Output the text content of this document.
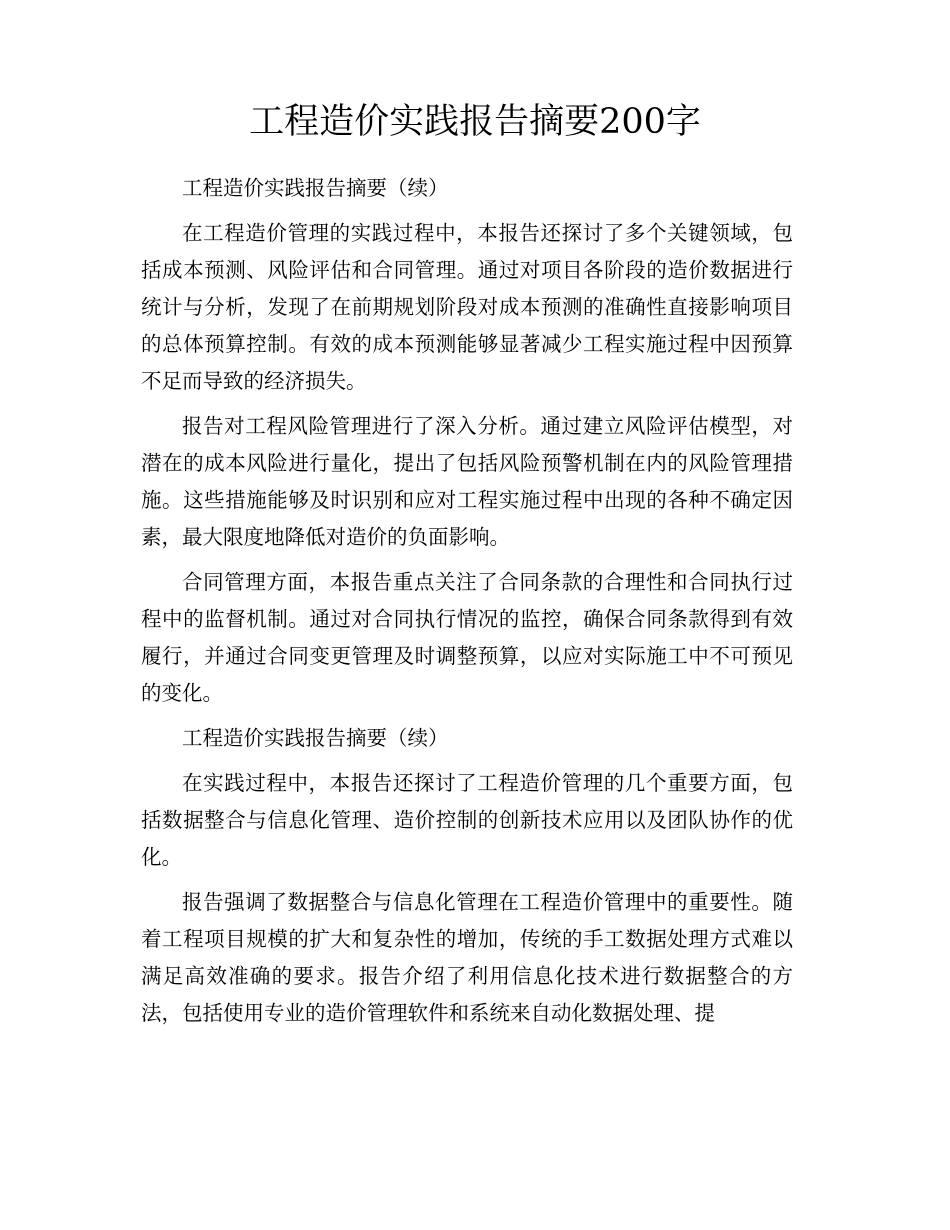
工程造价实践报告摘要200字

工程造价实践报告摘要（续）

在工程造价管理的实践过程中，本报告还探讨了多个关键领域，包括成本预测、风险评估和合同管理。通过对项目各阶段的造价数据进行统计与分析，发现了在前期规划阶段对成本预测的准确性直接影响项目的总体预算控制。有效的成本预测能够显著减少工程实施过程中因预算不足而导致的经济损失。

报告对工程风险管理进行了深入分析。通过建立风险评估模型，对潜在的成本风险进行量化，提出了包括风险预警机制在内的风险管理措施。这些措施能够及时识别和应对工程实施过程中出现的各种不确定因素，最大限度地降低对造价的负面影响。

合同管理方面，本报告重点关注了合同条款的合理性和合同执行过程中的监督机制。通过对合同执行情况的监控，确保合同条款得到有效履行，并通过合同变更管理及时调整预算，以应对实际施工中不可预见的变化。

工程造价实践报告摘要（续）

在实践过程中，本报告还探讨了工程造价管理的几个重要方面，包括数据整合与信息化管理、造价控制的创新技术应用以及团队协作的优化。

报告强调了数据整合与信息化管理在工程造价管理中的重要性。随着工程项目规模的扩大和复杂性的增加，传统的手工数据处理方式难以满足高效准确的要求。报告介绍了利用信息化技术进行数据整合的方法，包括使用专业的造价管理软件和系统来自动化数据处理、提
